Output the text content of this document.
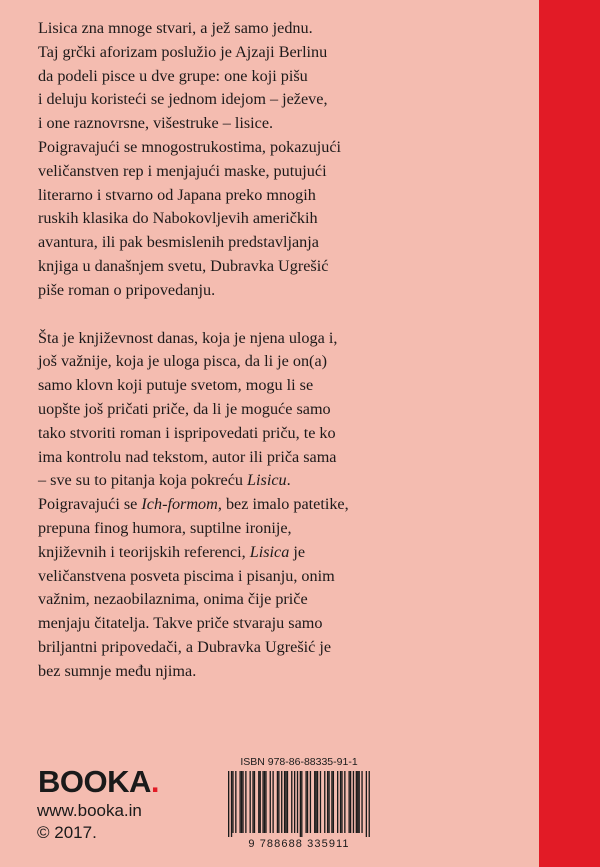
Lisica zna mnoge stvari, a jež samo jednu.
Taj grčki aforizam poslužio je Ajzaji Berlinu
da podeli pisce u dve grupe: one koji pišu
i deluju koristeći se jednom idejom – ježeve,
i one raznovrsne, višestruke – lisice.
Poigravajući se mnogostrukostima, pokazujući
veličanstven rep i menjajući maske, putujući
literarno i stvarno od Japana preko mnogih
ruskih klasika do Nabokovljevih američkih
avantura, ili pak besmislenih predstavljanja
knjiga u današnjem svetu, Dubravka Ugrešić
piše roman o pripovedanju.

Šta je književnost danas, koja je njena uloga i,
još važnije, koja je uloga pisca, da li je on(a)
samo klovn koji putuje svetom, mogu li se
uopšte još pričati priče, da li je moguće samo
tako stvoriti roman i ispripovedati priču, te ko
ima kontrolu nad tekstom, autor ili priča sama
– sve su to pitanja koja pokreću Lisicu.
Poigravajući se Ich-formom, bez imalo patetike,
prepuna finog humora, suptilne ironije,
književnih i teorijskih referenci, Lisica je
veličanstvena posveta piscima i pisanju, onim
važnim, nezaobilaznima, onima čije priče
menjaju čitatelja. Takve priče stvaraju samo
briljantni pripovedači, a Dubravka Ugrešić je
bez sumnje među njima.

BOOKA.
www.booka.in
© 2017.
ISBN 978-86-88335-91-1
9 788688 335911
